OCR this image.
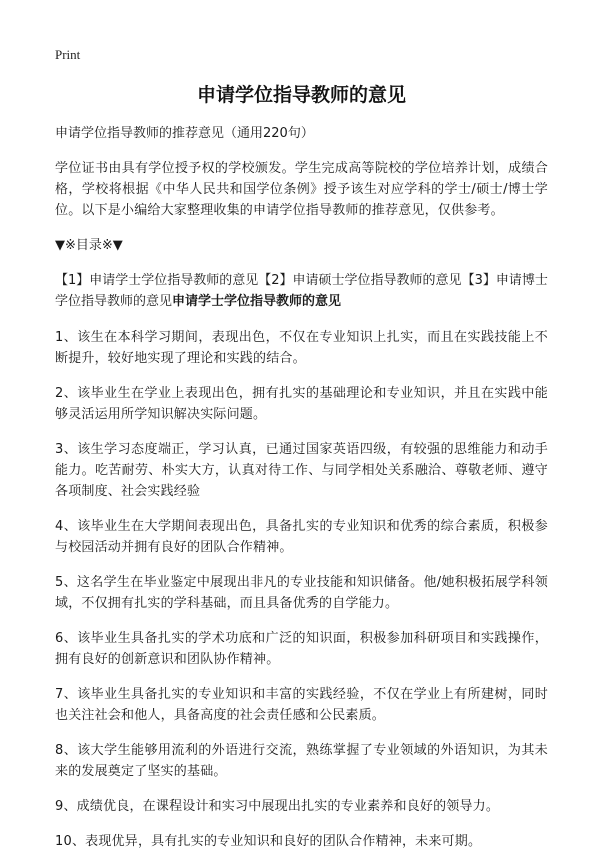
Print
申请学位指导教师的意见

申请学位指导教师的推荐意见（通用220句）

学位证书由具有学位授予权的学校颁发。学生完成高等院校的学位培养计划，成绩合格，学校将根据《中华人民共和国学位条例》授予该生对应学科的学士/硕士/博士学位。以下是小编给大家整理收集的申请学位指导教师的推荐意见，仅供参考。

▼※目录※▼

【1】申请学士学位指导教师的意见【2】申请硕士学位指导教师的意见【3】申请博士学位指导教师的意见申请学士学位指导教师的意见

1、该生在本科学习期间，表现出色，不仅在专业知识上扎实，而且在实践技能上不断提升，较好地实现了理论和实践的结合。
2、该毕业生在学业上表现出色，拥有扎实的基础理论和专业知识，并且在实践中能够灵活运用所学知识解决实际问题。
3、该生学习态度端正，学习认真，已通过国家英语四级，有较强的思维能力和动手能力。吃苦耐劳、朴实大方，认真对待工作、与同学相处关系融洽、尊敬老师、遵守各项制度、社会实践经验
4、该毕业生在大学期间表现出色，具备扎实的专业知识和优秀的综合素质，积极参与校园活动并拥有良好的团队合作精神。
5、这名学生在毕业鉴定中展现出非凡的专业技能和知识储备。他/她积极拓展学科领域，不仅拥有扎实的学科基础，而且具备优秀的自学能力。
6、该毕业生具备扎实的学术功底和广泛的知识面，积极参加科研项目和实践操作，拥有良好的创新意识和团队协作精神。
7、该毕业生具备扎实的专业知识和丰富的实践经验，不仅在学业上有所建树，同时也关注社会和他人，具备高度的社会责任感和公民素质。
8、该大学生能够用流利的外语进行交流，熟练掌握了专业领域的外语知识，为其未来的发展奠定了坚实的基础。
9、成绩优良，在课程设计和实习中展现出扎实的专业素养和良好的领导力。
10、表现优异，具有扎实的专业知识和良好的团队合作精神，未来可期。
